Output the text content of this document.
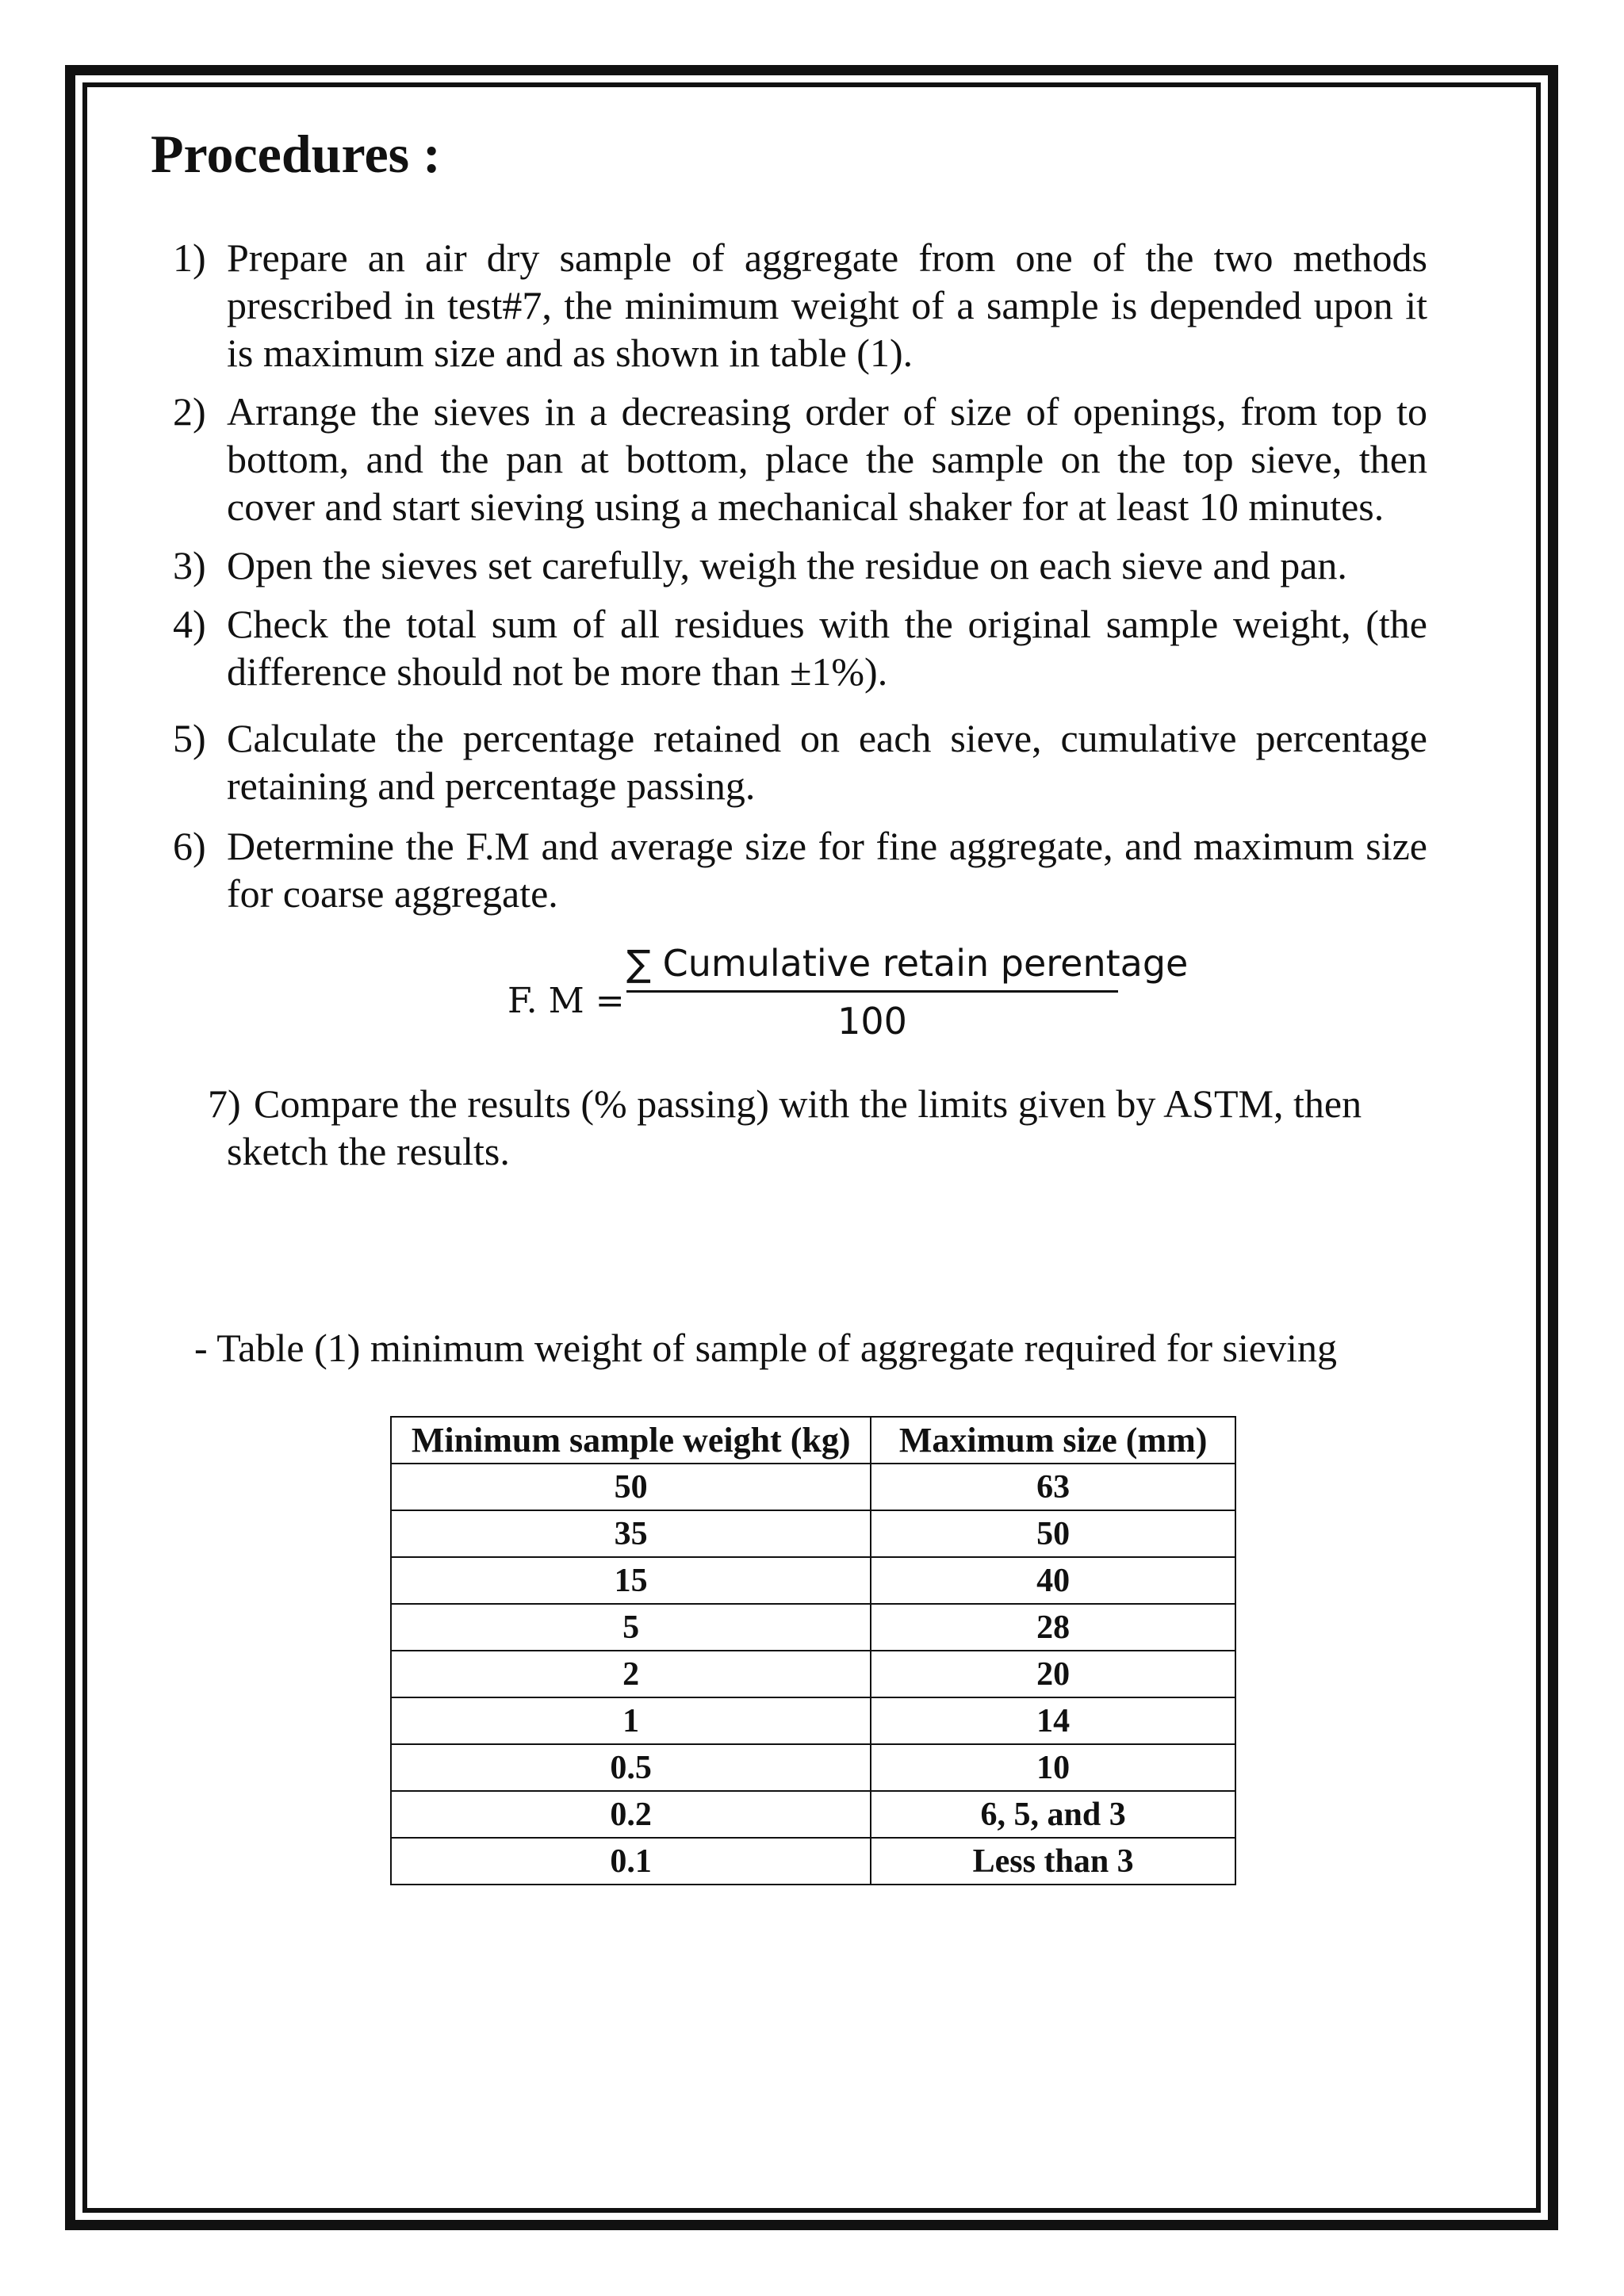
Procedures :
1) Prepare an air dry sample of aggregate from one of the two methods prescribed in test#7, the minimum weight of a sample is depended upon it is maximum size and as shown in table (1).
2) Arrange the sieves in a decreasing order of size of openings, from top to bottom, and the pan at bottom, place the sample on the top sieve, then cover and start sieving using a mechanical shaker for at least 10 minutes.
3) Open the sieves set carefully, weigh the residue on each sieve and pan.
4) Check the total sum of all residues with the original sample weight, (the difference should not be more than ±1%).
5) Calculate the percentage retained on each sieve, cumulative percentage retaining and percentage passing.
6) Determine the F.M and average size for fine aggregate, and maximum size for coarse aggregate.
F. M =
∑ Cumulative retain perentage
100
7) Compare the results (% passing) with the limits given by ASTM, then sketch the results.
- Table (1) minimum weight of sample of aggregate required for sieving
Minimum sample weight (kg)	Maximum size (mm)
50	63
35	50
15	40
5	28
2	20
1	14
0.5	10
0.2	6, 5, and 3
0.1	Less than 3
